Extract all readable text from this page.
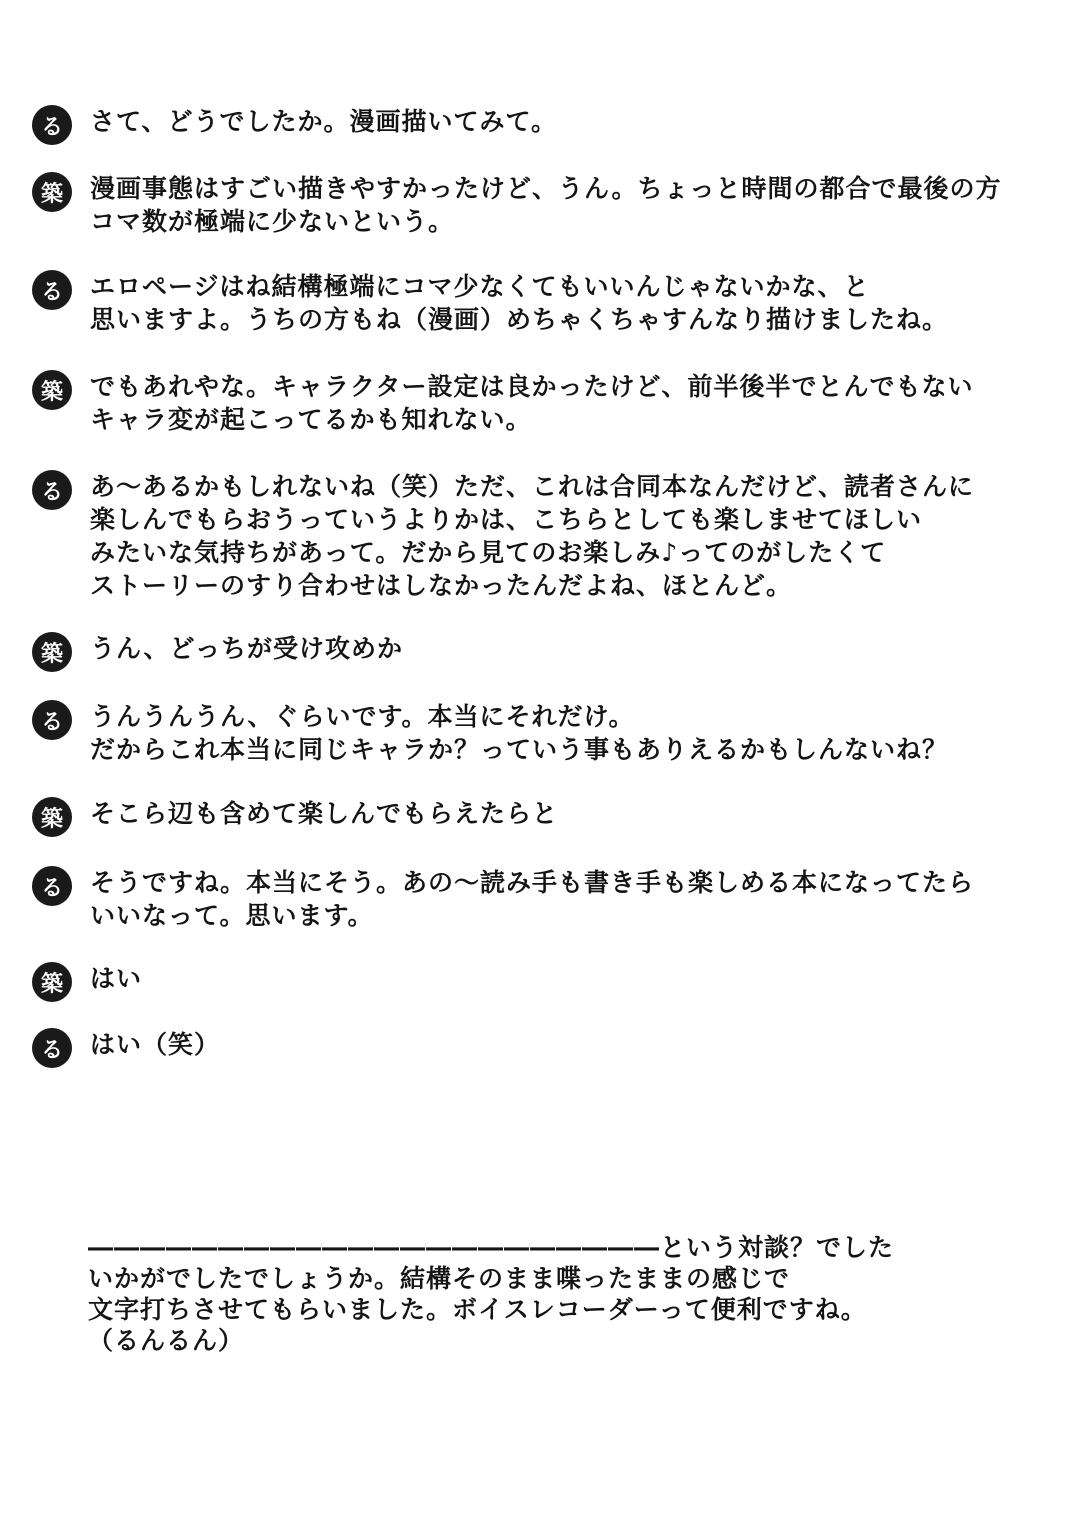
る	さて、どうでしたか。漫画描いてみて。
築	漫画事態はすごい描きやすかったけど、うん。ちょっと時間の都合で最後の方
コマ数が極端に少ないという。
る	エロページはね結構極端にコマ少なくてもいいんじゃないかな、と
思いますよ。うちの方もね（漫画）めちゃくちゃすんなり描けましたね。
築	でもあれやな。キャラクター設定は良かったけど、前半後半でとんでもない
キャラ変が起こってるかも知れない。
る	あ～あるかもしれないね（笑）ただ、これは合同本なんだけど、読者さんに
楽しんでもらおうっていうよりかは、こちらとしても楽しませてほしい
みたいな気持ちがあって。だから見てのお楽しみ♪ってのがしたくて
ストーリーのすり合わせはしなかったんだよね、ほとんど。
築	うん、どっちが受け攻めか
る	うんうんうん、ぐらいです。本当にそれだけ。
だからこれ本当に同じキャラか？っていう事もありえるかもしんないね？
築	そこら辺も含めて楽しんでもらえたらと
る	そうですね。本当にそう。あの～読み手も書き手も楽しめる本になってたら
いいなって。思います。
築	はい
る	はい（笑）
――――――――――――――――――――――という対談？でした
いかがでしたでしょうか。結構そのまま喋ったままの感じで
文字打ちさせてもらいました。ボイスレコーダーって便利ですね。
（るんるん）
